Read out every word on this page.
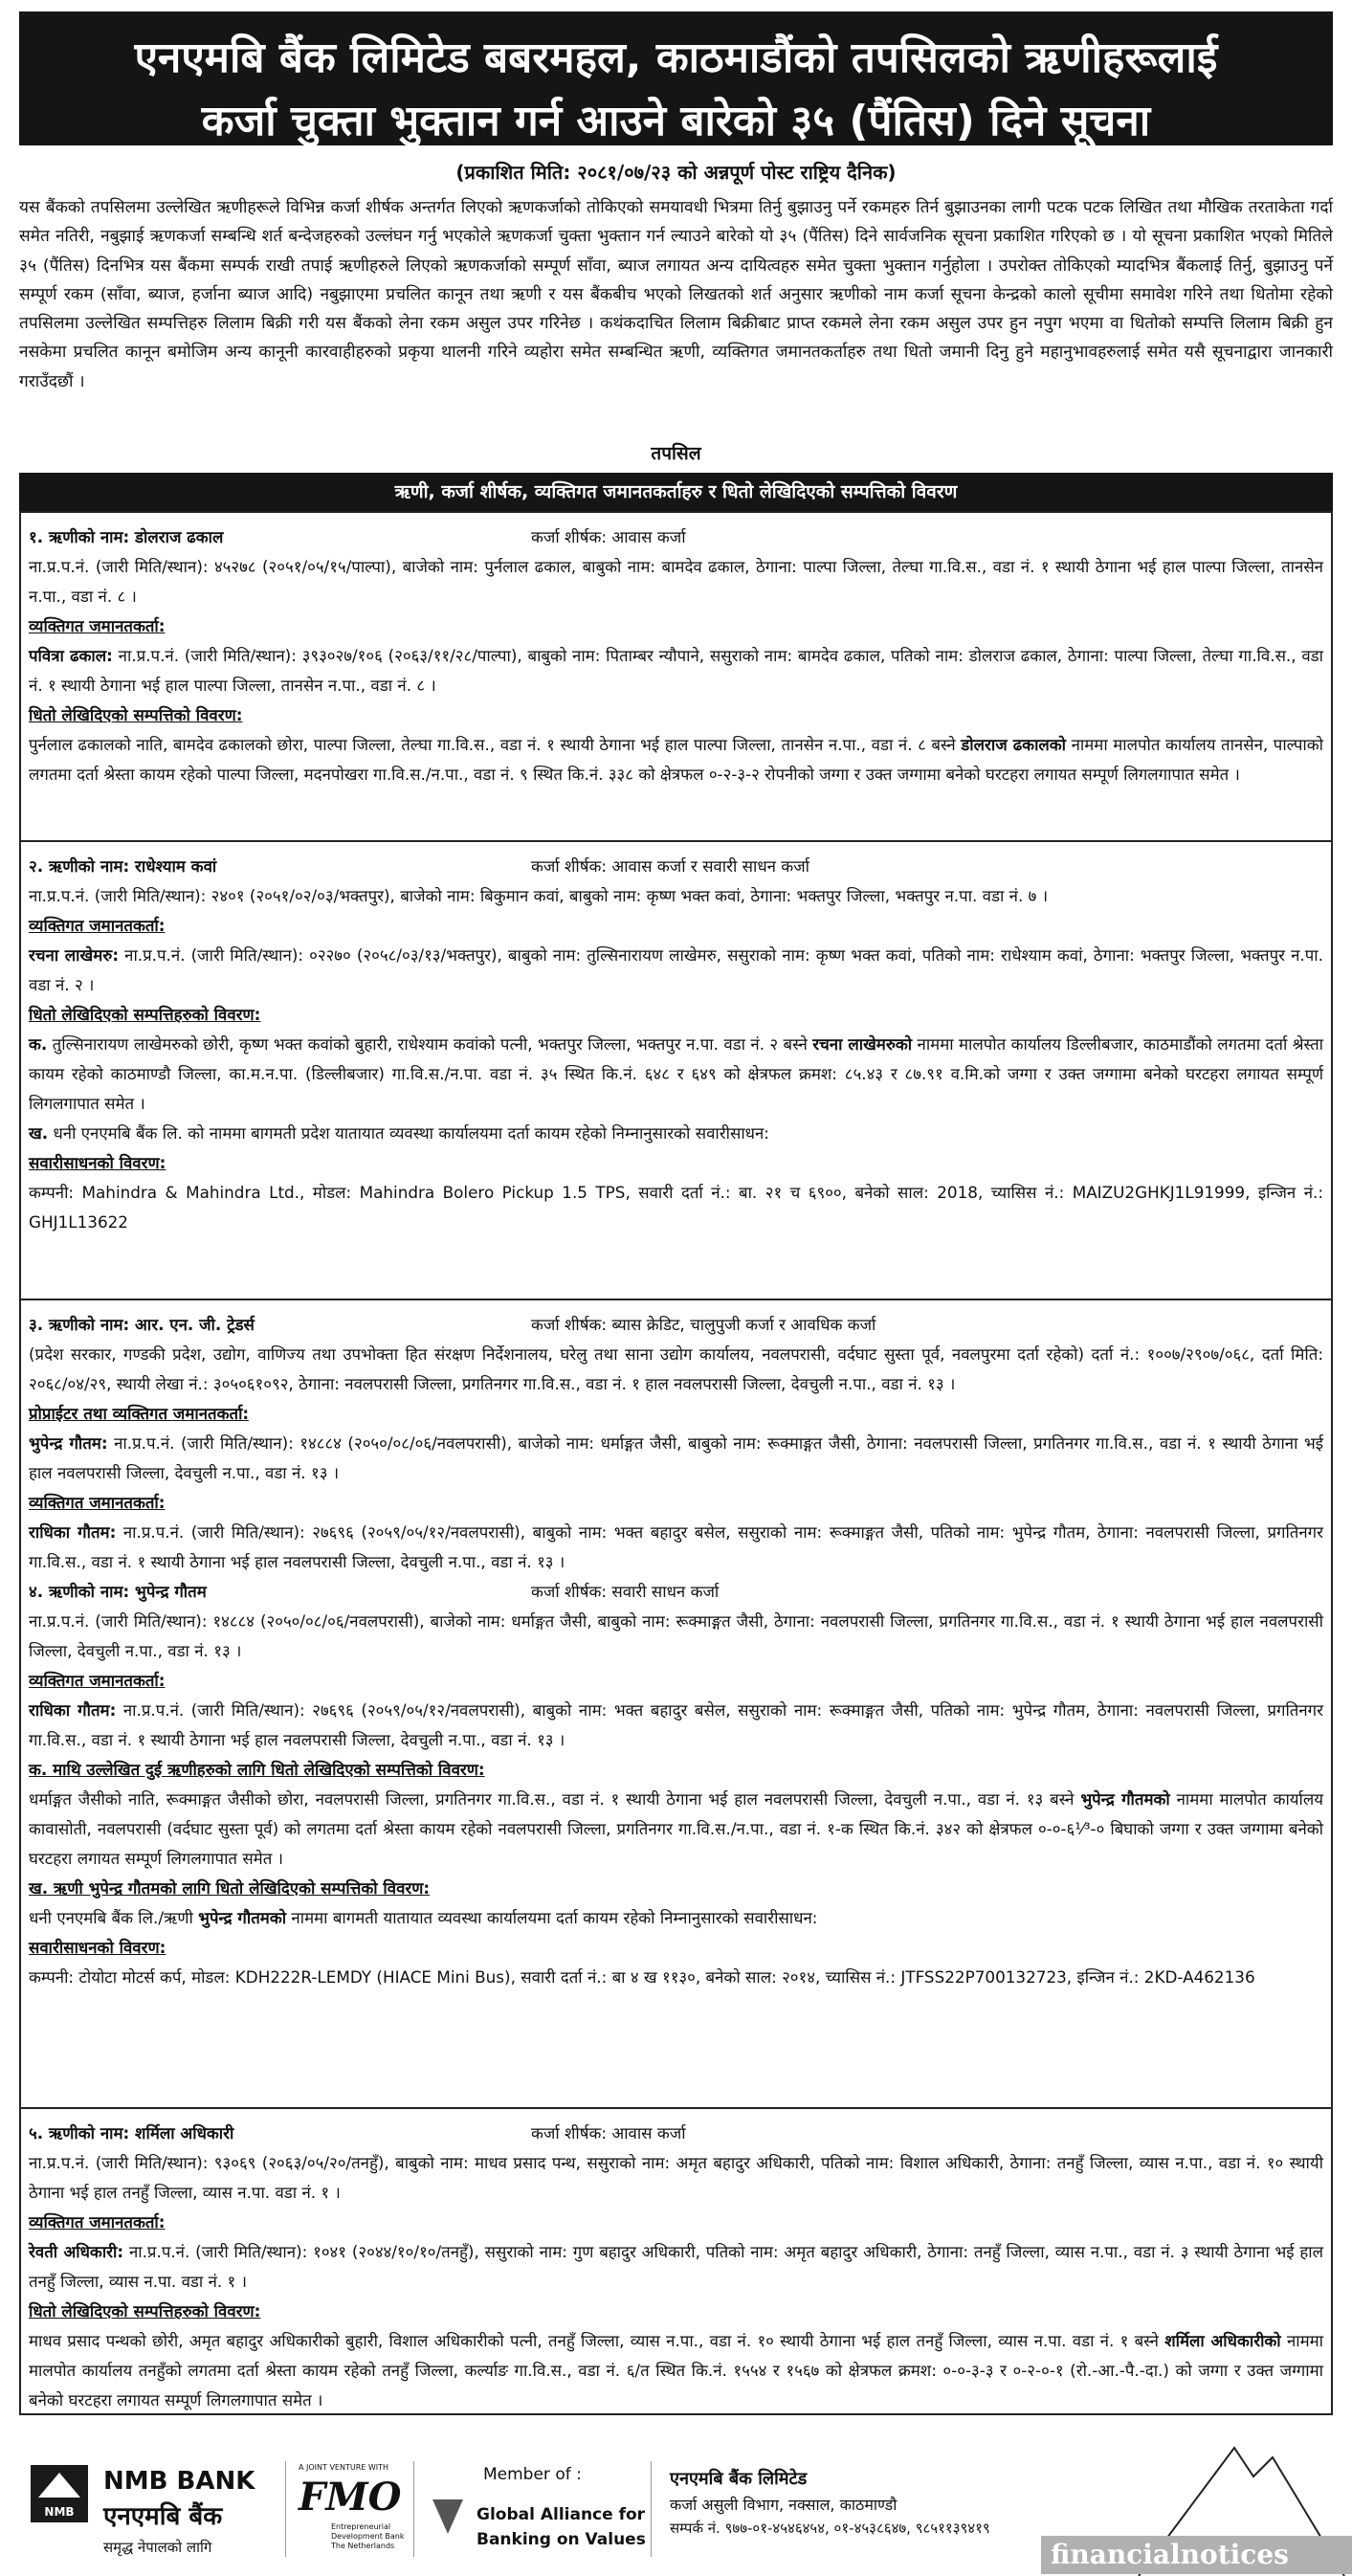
एनएमबि बैंक लिमिटेड बबरमहल, काठमाडौंको तपसिलको ऋणीहरूलाई
कर्जा चुक्ता भुक्तान गर्न आउने बारेको ३५ (पैंतिस) दिने सूचना
(प्रकाशित मिति: २०८१/०७/२३ को अन्नपूर्ण पोस्ट राष्ट्रिय दैनिक)

यस बैंकको तपसिलमा उल्लेखित ऋणीहरूले विभिन्न कर्जा शीर्षक अन्तर्गत लिएको ऋणकर्जाको तोकिएको समयावधी भित्रमा तिर्नु बुझाउनु पर्ने रकमहरु तिर्न बुझाउनका लागी पटक पटक लिखित तथा मौखिक तरताकेता गर्दा समेत नतिरी, नबुझाई ऋणकर्जा सम्बन्धि शर्त बन्देजहरुको उल्लंघन गर्नु भएकोले ऋणकर्जा चुक्ता भुक्तान गर्न ल्याउने बारेको यो ३५ (पैंतिस) दिने सार्वजनिक सूचना प्रकाशित गरिएको छ । यो सूचना प्रकाशित भएको मितिले ३५ (पैंतिस) दिनभित्र यस बैंकमा सम्पर्क राखी तपाई ऋणीहरुले लिएको ऋणकर्जाको सम्पूर्ण साँवा, ब्याज लगायत अन्य दायित्वहरु समेत चुक्ता भुक्तान गर्नुहोला । उपरोक्त तोकिएको म्यादभित्र बैंकलाई तिर्नु, बुझाउनु पर्ने सम्पूर्ण रकम (साँवा, ब्याज, हर्जाना ब्याज आदि) नबुझाएमा प्रचलित कानून तथा ऋणी र यस बैंकबीच भएको लिखतको शर्त अनुसार ऋणीको नाम कर्जा सूचना केन्द्रको कालो सूचीमा समावेश गरिने तथा धितोमा रहेको तपसिलमा उल्लेखित सम्पत्तिहरु लिलाम बिक्री गरी यस बैंकको लेना रकम असुल उपर गरिनेछ । कथंकदाचित लिलाम बिक्रीबाट प्राप्त रकमले लेना रकम असुल उपर हुन नपुग भएमा वा धितोको सम्पत्ति लिलाम बिक्री हुन नसकेमा प्रचलित कानून बमोजिम अन्य कानूनी कारवाहीहरुको प्रकृया थालनी गरिने व्यहोरा समेत सम्बन्धित ऋणी, व्यक्तिगत जमानतकर्ताहरु तथा धितो जमानी दिनु हुने महानुभावहरुलाई समेत यसै सूचनाद्वारा जानकारी गराउँदछौं ।

तपसिल
ऋणी, कर्जा शीर्षक, व्यक्तिगत जमानतकर्ताहरु र धितो लेखिदिएको सम्पत्तिको विवरण
१. ऋणीको नाम: डोलराज ढकाल	कर्जा शीर्षक: आवास कर्जा
ना.प्र.प.नं. (जारी मिति/स्थान): ४५२७८ (२०५१/०५/१५/पाल्पा), बाजेको नाम: पुर्नलाल ढकाल, बाबुको नाम: बामदेव ढकाल, ठेगाना: पाल्पा जिल्ला, तेल्घा गा.वि.स., वडा नं. १ स्थायी ठेगाना भई हाल पाल्पा जिल्ला, तानसेन न.पा., वडा नं. ८ ।
व्यक्तिगत जमानतकर्ता:
पवित्रा ढकाल: ना.प्र.प.नं. (जारी मिति/स्थान): ३९३०२७/१०६ (२०६३/११/२८/पाल्पा), बाबुको नाम: पिताम्बर न्यौपाने, ससुराको नाम: बामदेव ढकाल, पतिको नाम: डोलराज ढकाल, ठेगाना: पाल्पा जिल्ला, तेल्घा गा.वि.स., वडा नं. १ स्थायी ठेगाना भई हाल पाल्पा जिल्ला, तानसेन न.पा., वडा नं. ८ ।
धितो लेखिदिएको सम्पत्तिको विवरण:
पुर्नलाल ढकालको नाति, बामदेव ढकालको छोरा, पाल्पा जिल्ला, तेल्घा गा.वि.स., वडा नं. १ स्थायी ठेगाना भई हाल पाल्पा जिल्ला, तानसेन न.पा., वडा नं. ८ बस्ने डोलराज ढकालको नाममा मालपोत कार्यालय तानसेन, पाल्पाको लगतमा दर्ता श्रेस्ता कायम रहेको पाल्पा जिल्ला, मदनपोखरा गा.वि.स./न.पा., वडा नं. ९ स्थित कि.नं. ३३८ को क्षेत्रफल ०-२-३-२ रोपनीको जग्गा र उक्त जग्गामा बनेको घरटहरा लगायत सम्पूर्ण लिगलगापात समेत ।
२. ऋणीको नाम: राधेश्याम कवां	कर्जा शीर्षक: आवास कर्जा र सवारी साधन कर्जा
ना.प्र.प.नं. (जारी मिति/स्थान): २४०१ (२०५१/०२/०३/भक्तपुर), बाजेको नाम: बिकुमान कवां, बाबुको नाम: कृष्ण भक्त कवां, ठेगाना: भक्तपुर जिल्ला, भक्तपुर न.पा. वडा नं. ७ ।
व्यक्तिगत जमानतकर्ता:
रचना लाखेमरु: ना.प्र.प.नं. (जारी मिति/स्थान): ०२२७० (२०५८/०३/१३/भक्तपुर), बाबुको नाम: तुल्सिनारायण लाखेमरु, ससुराको नाम: कृष्ण भक्त कवां, पतिको नाम: राधेश्याम कवां, ठेगाना: भक्तपुर जिल्ला, भक्तपुर न.पा. वडा नं. २ ।
धितो लेखिदिएको सम्पत्तिहरुको विवरण:
क. तुल्सिनारायण लाखेमरुको छोरी, कृष्ण भक्त कवांको बुहारी, राधेश्याम कवांको पत्नी, भक्तपुर जिल्ला, भक्तपुर न.पा. वडा नं. २ बस्ने रचना लाखेमरुको नाममा मालपोत कार्यालय डिल्लीबजार, काठमाडौंको लगतमा दर्ता श्रेस्ता कायम रहेको काठमाण्डौ जिल्ला, का.म.न.पा. (डिल्लीबजार) गा.वि.स./न.पा. वडा नं. ३५ स्थित कि.नं. ६४८ र ६४९ को क्षेत्रफल क्रमश: ८५.४३ र ८७.९१ व.मि.को जग्गा र उक्त जग्गामा बनेको घरटहरा लगायत सम्पूर्ण लिगलगापात समेत ।
ख. धनी एनएमबि बैंक लि. को नाममा बागमती प्रदेश यातायात व्यवस्था कार्यालयमा दर्ता कायम रहेको निम्नानुसारको सवारीसाधन:
सवारीसाधनको विवरण:
कम्पनी: Mahindra & Mahindra Ltd., मोडल: Mahindra Bolero Pickup 1.5 TPS, सवारी दर्ता नं.: बा. २१ च ६९००, बनेको साल: 2018, च्यासिस नं.: MAIZU2GHKJ1L91999, इन्जिन नं.: GHJ1L13622
३. ऋणीको नाम: आर. एन. जी. ट्रेडर्स	कर्जा शीर्षक: ब्यास क्रेडिट, चालुपुजी कर्जा र आवधिक कर्जा
(प्रदेश सरकार, गण्डकी प्रदेश, उद्योग, वाणिज्य तथा उपभोक्ता हित संरक्षण निर्देशनालय, घरेलु तथा साना उद्योग कार्यालय, नवलपरासी, वर्दघाट सुस्ता पूर्व, नवलपुरमा दर्ता रहेको) दर्ता नं.: १००७/२९०७/०६८, दर्ता मिति: २०६८/०४/२९, स्थायी लेखा नं.: ३०५०६१०९२, ठेगाना: नवलपरासी जिल्ला, प्रगतिनगर गा.वि.स., वडा नं. १ हाल नवलपरासी जिल्ला, देवचुली न.पा., वडा नं. १३ ।
प्रोप्राईटर तथा व्यक्तिगत जमानतकर्ता:
भुपेन्द्र गौतम: ना.प्र.प.नं. (जारी मिति/स्थान): १४८८४ (२०५०/०८/०६/नवलपरासी), बाजेको नाम: धर्माङ्गत जैसी, बाबुको नाम: रूक्माङ्गत जैसी, ठेगाना: नवलपरासी जिल्ला, प्रगतिनगर गा.वि.स., वडा नं. १ स्थायी ठेगाना भई हाल नवलपरासी जिल्ला, देवचुली न.पा., वडा नं. १३ ।
व्यक्तिगत जमानतकर्ता:
राधिका गौतम: ना.प्र.प.नं. (जारी मिति/स्थान): २७६९६ (२०५९/०५/१२/नवलपरासी), बाबुको नाम: भक्त बहादुर बसेल, ससुराको नाम: रूक्माङ्गत जैसी, पतिको नाम: भुपेन्द्र गौतम, ठेगाना: नवलपरासी जिल्ला, प्रगतिनगर गा.वि.स., वडा नं. १ स्थायी ठेगाना भई हाल नवलपरासी जिल्ला, देवचुली न.पा., वडा नं. १३ ।
४. ऋणीको नाम: भुपेन्द्र गौतम	कर्जा शीर्षक: सवारी साधन कर्जा
ना.प्र.प.नं. (जारी मिति/स्थान): १४८८४ (२०५०/०८/०६/नवलपरासी), बाजेको नाम: धर्माङ्गत जैसी, बाबुको नाम: रूक्माङ्गत जैसी, ठेगाना: नवलपरासी जिल्ला, प्रगतिनगर गा.वि.स., वडा नं. १ स्थायी ठेगाना भई हाल नवलपरासी जिल्ला, देवचुली न.पा., वडा नं. १३ ।
व्यक्तिगत जमानतकर्ता:
राधिका गौतम: ना.प्र.प.नं. (जारी मिति/स्थान): २७६९६ (२०५९/०५/१२/नवलपरासी), बाबुको नाम: भक्त बहादुर बसेल, ससुराको नाम: रूक्माङ्गत जैसी, पतिको नाम: भुपेन्द्र गौतम, ठेगाना: नवलपरासी जिल्ला, प्रगतिनगर गा.वि.स., वडा नं. १ स्थायी ठेगाना भई हाल नवलपरासी जिल्ला, देवचुली न.पा., वडा नं. १३ ।
क. माथि उल्लेखित दुई ऋणीहरुको लागि धितो लेखिदिएको सम्पत्तिको विवरण:
धर्माङ्गत जैसीको नाति, रूक्माङ्गत जैसीको छोरा, नवलपरासी जिल्ला, प्रगतिनगर गा.वि.स., वडा नं. १ स्थायी ठेगाना भई हाल नवलपरासी जिल्ला, देवचुली न.पा., वडा नं. १३ बस्ने भुपेन्द्र गौतमको नाममा मालपोत कार्यालय कावासोती, नवलपरासी (वर्दघाट सुस्ता पूर्व) को लगतमा दर्ता श्रेस्ता कायम रहेको नवलपरासी जिल्ला, प्रगतिनगर गा.वि.स./न.पा., वडा नं. १-क स्थित कि.नं. ३४२ को क्षेत्रफल ०-०-६¹⁄³-० बिघाको जग्गा र उक्त जग्गामा बनेको घरटहरा लगायत सम्पूर्ण लिगलगापात समेत ।
ख. ऋणी भुपेन्द्र गौतमको लागि धितो लेखिदिएको सम्पत्तिको विवरण:
धनी एनएमबि बैंक लि./ऋणी भुपेन्द्र गौतमको नाममा बागमती यातायात व्यवस्था कार्यालयमा दर्ता कायम रहेको निम्नानुसारको सवारीसाधन:
सवारीसाधनको विवरण:
कम्पनी: टोयोटा मोटर्स कर्प, मोडल: KDH222R-LEMDY (HIACE Mini Bus), सवारी दर्ता नं.: बा ४ ख ११३०, बनेको साल: २०१४, च्यासिस नं.: JTFSS22P700132723, इन्जिन नं.: 2KD-A462136
५. ऋणीको नाम: शर्मिला अधिकारी	कर्जा शीर्षक: आवास कर्जा
ना.प्र.प.नं. (जारी मिति/स्थान): ९३०६९ (२०६३/०५/२०/तनहुँ), बाबुको नाम: माधव प्रसाद पन्थ, ससुराको नाम: अमृत बहादुर अधिकारी, पतिको नाम: विशाल अधिकारी, ठेगाना: तनहुँ जिल्ला, व्यास न.पा., वडा नं. १० स्थायी ठेगाना भई हाल तनहुँ जिल्ला, व्यास न.पा. वडा नं. १ ।
व्यक्तिगत जमानतकर्ता:
रेवती अधिकारी: ना.प्र.प.नं. (जारी मिति/स्थान): १०४१ (२०४४/१०/१०/तनहुँ), ससुराको नाम: गुण बहादुर अधिकारी, पतिको नाम: अमृत बहादुर अधिकारी, ठेगाना: तनहुँ जिल्ला, व्यास न.पा., वडा नं. ३ स्थायी ठेगाना भई हाल तनहुँ जिल्ला, व्यास न.पा. वडा नं. १ ।
धितो लेखिदिएको सम्पत्तिहरुको विवरण:
माधव प्रसाद पन्थको छोरी, अमृत बहादुर अधिकारीको बुहारी, विशाल अधिकारीको पत्नी, तनहुँ जिल्ला, व्यास न.पा., वडा नं. १० स्थायी ठेगाना भई हाल तनहुँ जिल्ला, व्यास न.पा. वडा नं. १ बस्ने शर्मिला अधिकारीको नाममा मालपोत कार्यालय तनहुँको लगतमा दर्ता श्रेस्ता कायम रहेको तनहुँ जिल्ला, कर्ल्याङ गा.वि.स., वडा नं. ६/त स्थित कि.नं. १५५४ र १५६७ को क्षेत्रफल क्रमश: ०-०-३-३ र ०-२-०-१ (रो.-आ.-पै.-दा.) को जग्गा र उक्त जग्गामा बनेको घरटहरा लगायत सम्पूर्ण लिगलगापात समेत ।
NMB
NMB BANK
एनएमबि बैंक
समृद्ध नेपालको लागि
A JOINT VENTURE WITH
FMO
Entrepreneurial Development Bank The Netherlands
Member of :
Global Alliance for
Banking on Values
एनएमबि बैंक लिमिटेड
कर्जा असुली विभाग, नक्साल, काठमाण्डौ
सम्पर्क नं. ९७७-०१-४५४६४५४, ०१-४५३८६४७, ९८५११३९४१९
financialnotices
